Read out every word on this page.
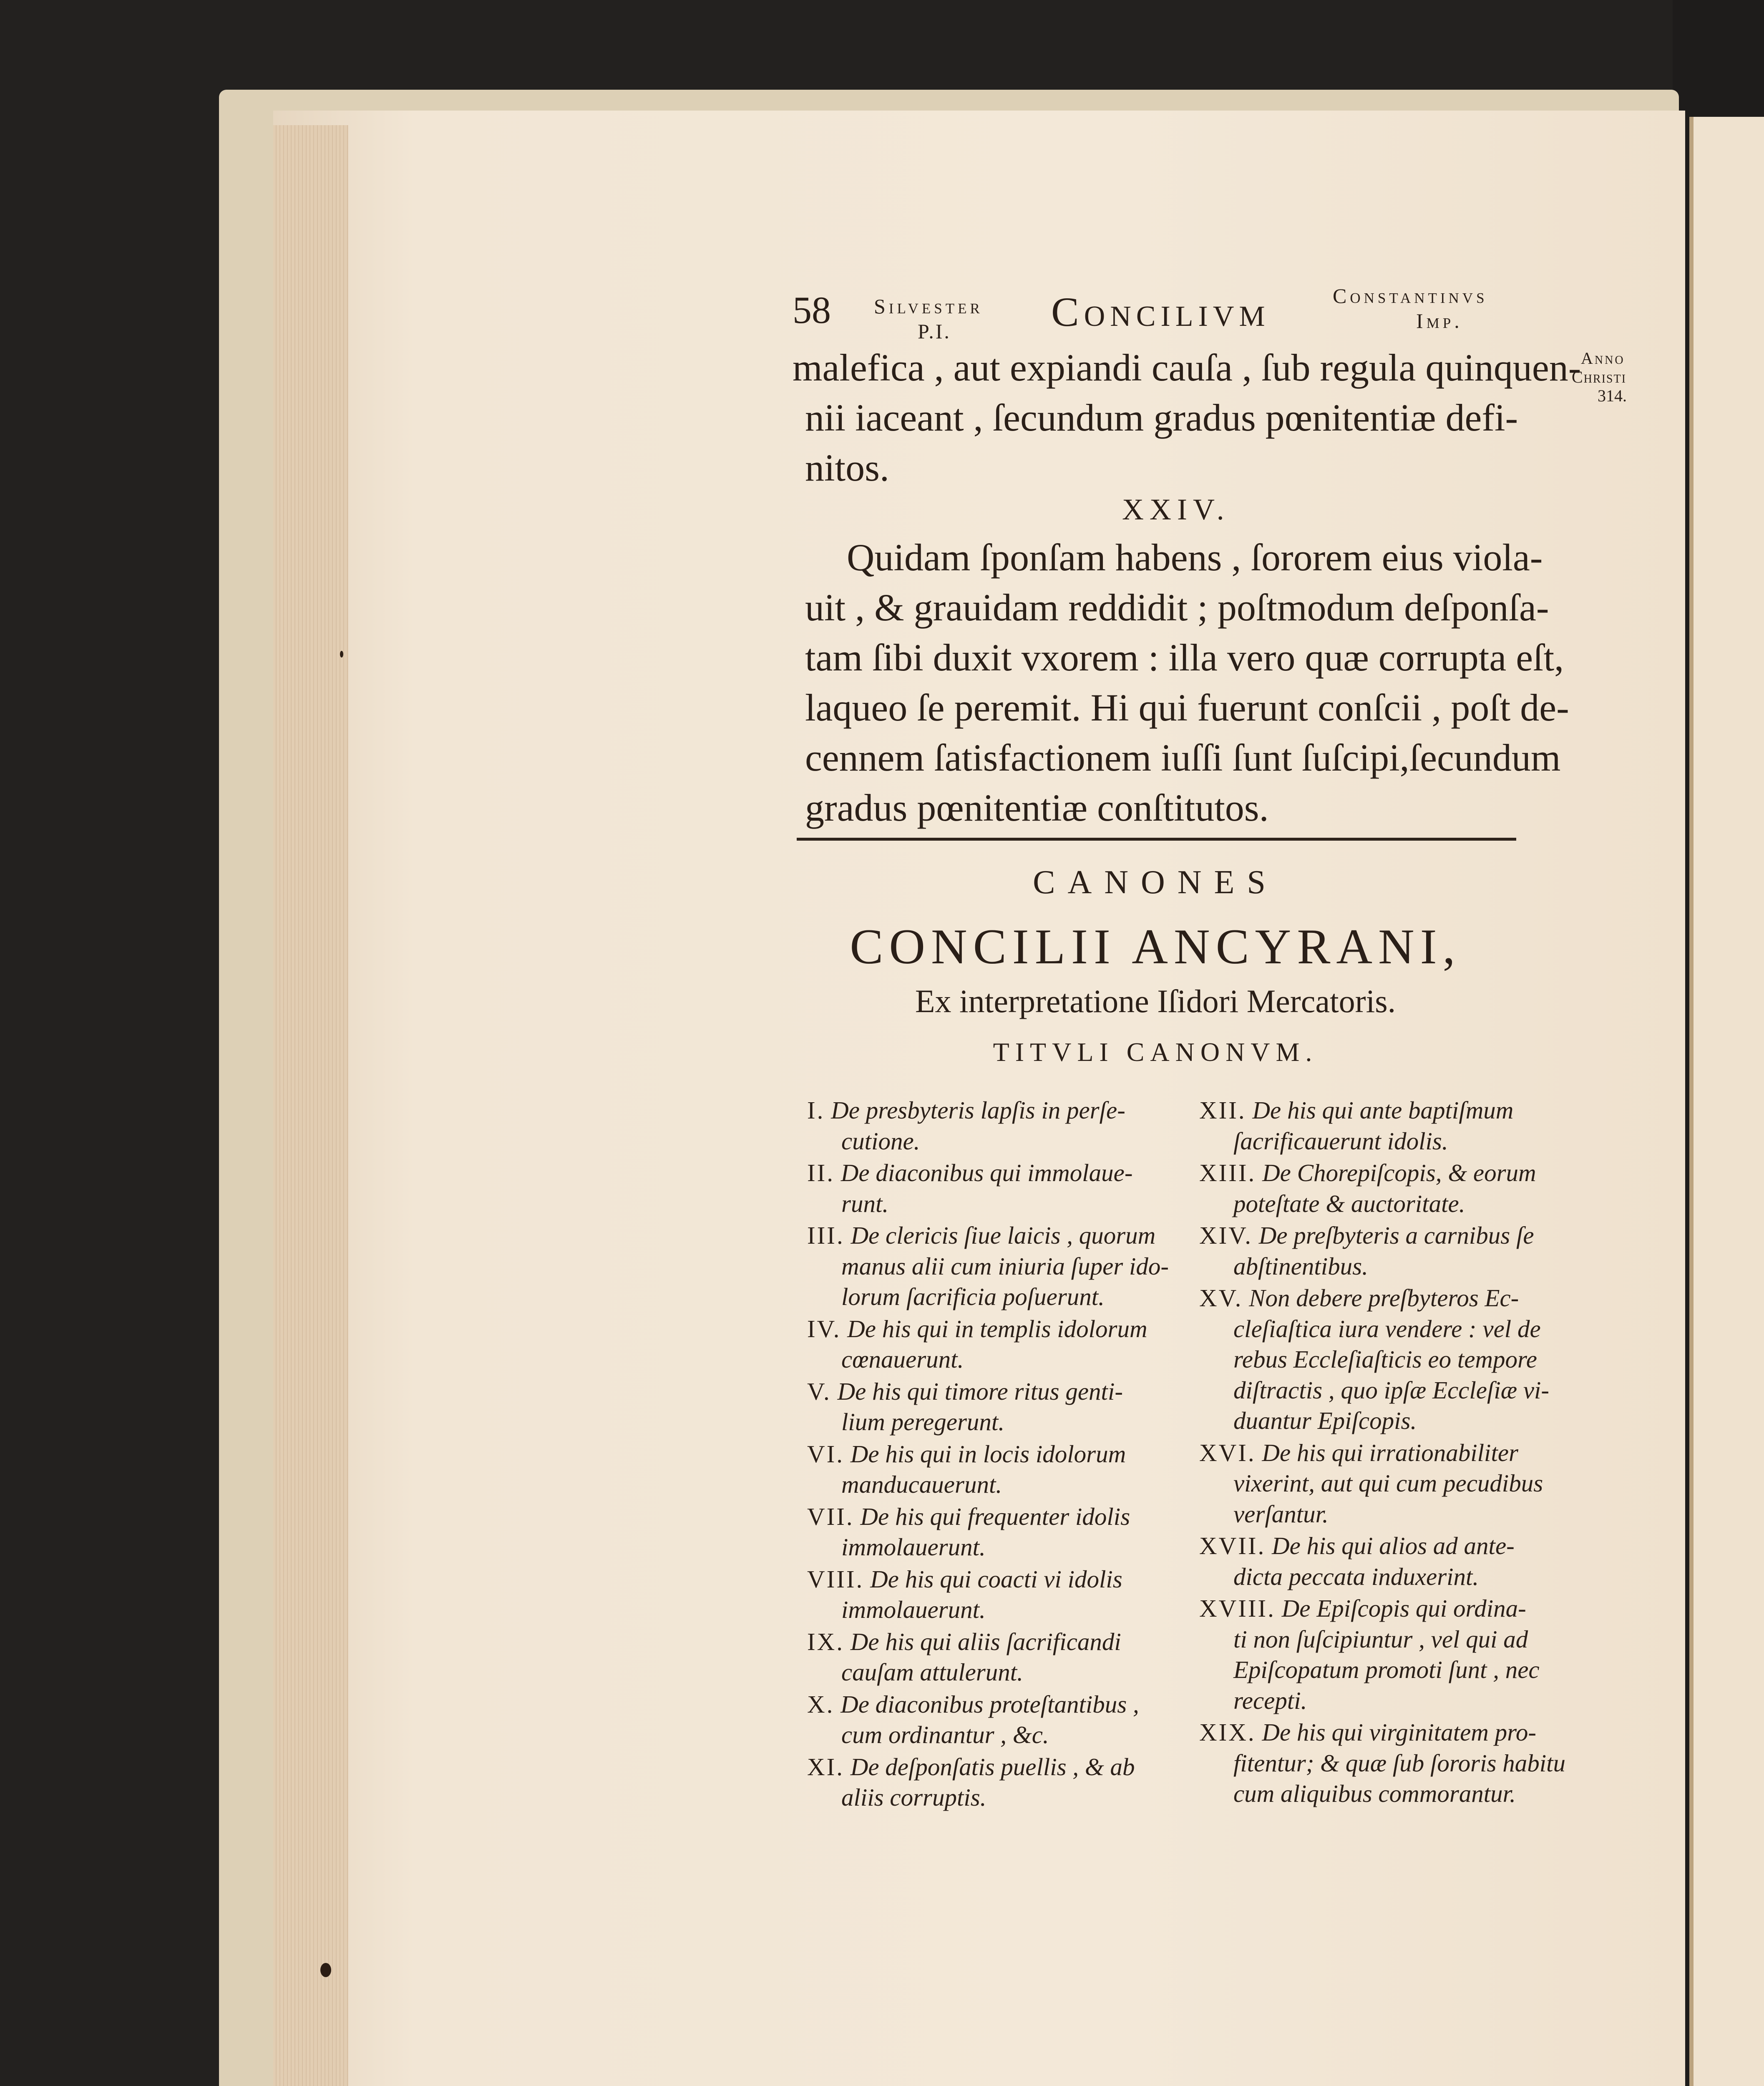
58 Silvester
P.I. Concilivm	Constantinvs
Imp.
Anno
Christi
314.
malefica , aut expiandi cauſa , ſub regula quinquen-
nii iaceant , ſecundum gradus pœnitentiæ defi-
nitos.
XXIV.
Quidam ſponſam habens , ſororem eius viola-
uit , & grauidam reddidit ; poſtmodum deſponſa-
tam ſibi duxit vxorem : illa vero quæ corrupta eſt,
laqueo ſe peremit. Hi qui fuerunt conſcii , poſt de-
cennem ſatisfactionem iuſſi ſunt ſuſcipi,ſecundum
gradus pœnitentiæ conſtitutos.
CANONES
CONCILII ANCYRANI,
Ex interpretatione Iſidori Mercatoris.
TITVLI CANONVM.
I. De presbyteris lapſis in perſe-
cutione.
II. De diaconibus qui immolaue-
runt.
III. De clericis ſiue laicis , quorum
manus alii cum iniuria ſuper ido-
lorum ſacrificia poſuerunt.
IV. De his qui in templis idolorum
cœnauerunt.
V. De his qui timore ritus genti-
lium peregerunt.
VI. De his qui in locis idolorum
manducauerunt.
VII. De his qui frequenter idolis
immolauerunt.
VIII. De his qui coacti vi idolis
immolauerunt.
IX. De his qui aliis ſacrificandi
cauſam attulerunt.
X. De diaconibus proteſtantibus ,
cum ordinantur , &c.
XI. De deſponſatis puellis , & ab
aliis corruptis.
XII. De his qui ante baptiſmum
ſacrificauerunt idolis.
XIII. De Chorepiſcopis, & eorum
poteſtate & auctoritate.
XIV. De preſbyteris a carnibus ſe
abſtinentibus.
XV. Non debere preſbyteros Ec-
cleſiaſtica iura vendere : vel de
rebus Eccleſiaſticis eo tempore
diſtractis , quo ipſæ Eccleſiæ vi-
duantur Epiſcopis.
XVI. De his qui irrationabiliter
vixerint, aut qui cum pecudibus
verſantur.
XVII. De his qui alios ad ante-
dicta peccata induxerint.
XVIII. De Epiſcopis qui ordina-
ti non ſuſcipiuntur , vel qui ad
Epiſcopatum promoti ſunt , nec
recepti.
XIX. De his qui virginitatem pro-
fitentur; & quæ ſub ſororis habitu
cum aliquibus commorantur.
